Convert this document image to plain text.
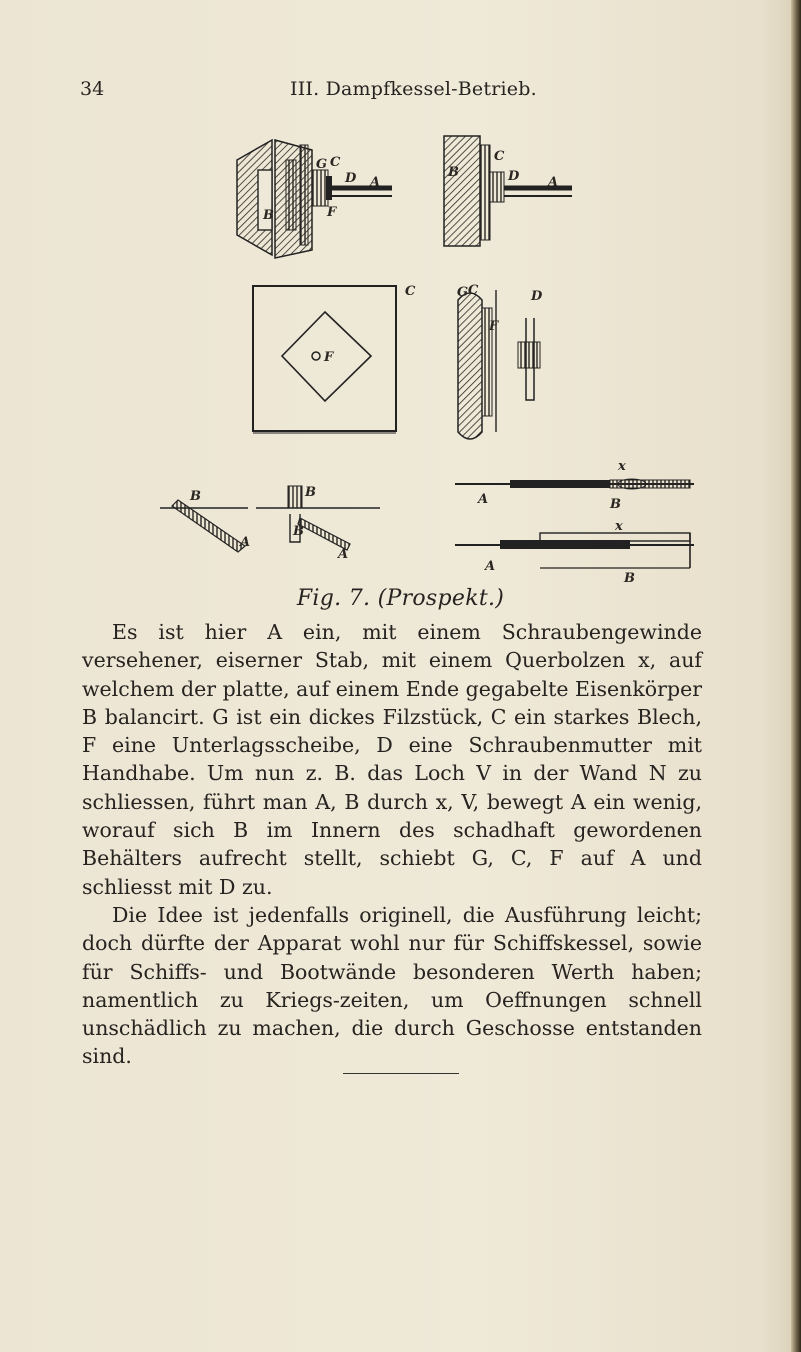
34	III. Dampfkessel-Betrieb.
G C
D A
F
B
C
B	D A
F
C	G C	D
F
B
A
B
B
A
x
A	B
x
A
B
Fig. 7. (Prospekt.)

Es ist hier A ein, mit einem Schraubengewinde versehener, eiserner Stab, mit einem Querbolzen x, auf welchem der platte, auf einem Ende gegabelte Eisenkörper B balancirt. G ist ein dickes Filzstück, C ein starkes Blech, F eine Unterlagsscheibe, D eine Schraubenmutter mit Handhabe. Um nun z. B. das Loch V in der Wand N zu schliessen, führt man A, B durch x, V, bewegt A ein wenig, worauf sich B im Innern des schadhaft gewordenen Behälters aufrecht stellt, schiebt G, C, F auf A und schliesst mit D zu.

Die Idee ist jedenfalls originell, die Ausführung leicht; doch dürfte der Apparat wohl nur für Schiffskessel, sowie für Schiffs- und Bootwände besonderen Werth haben; namentlich zu Kriegs-zeiten, um Oeffnungen schnell unschädlich zu machen, die durch Geschosse entstanden sind.
